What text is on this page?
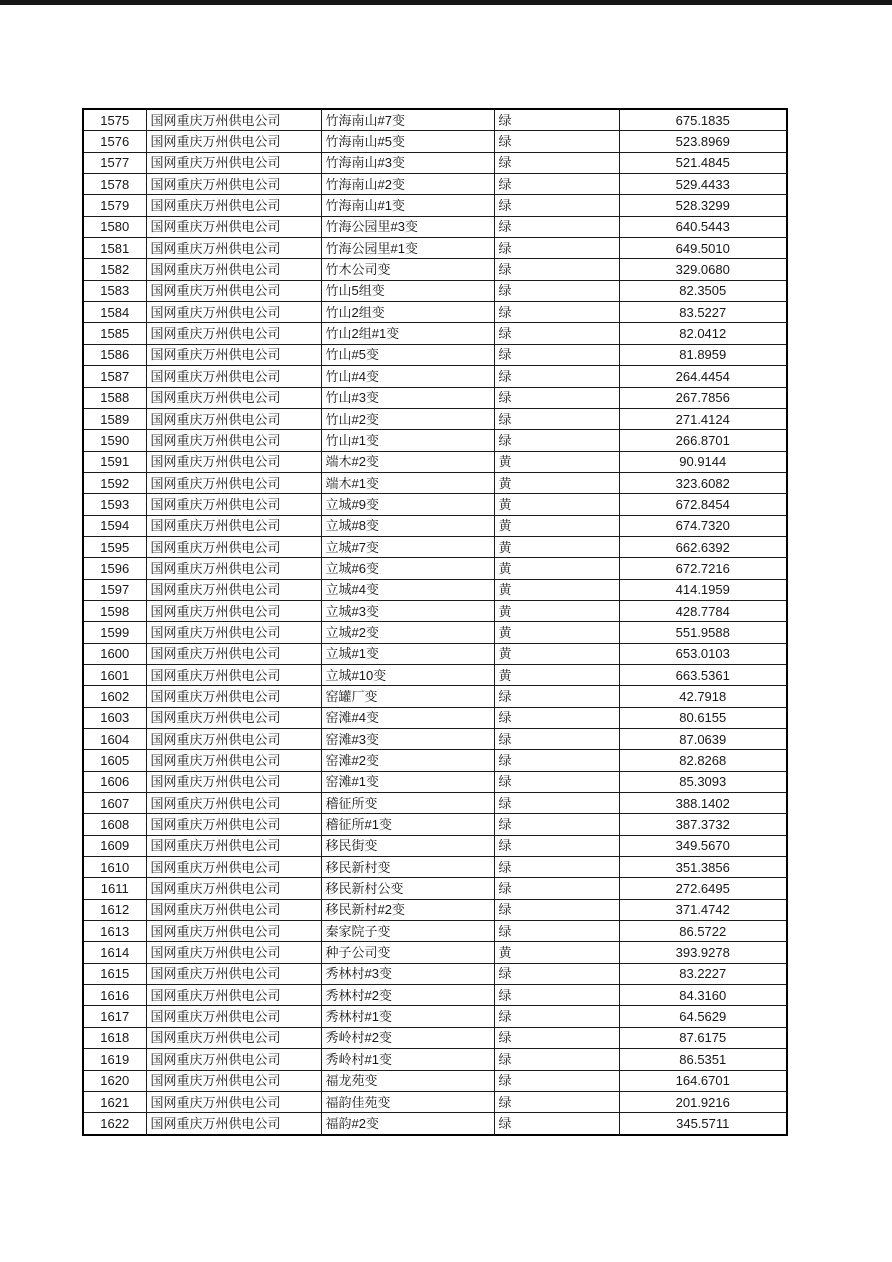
1575	国网重庆万州供电公司	竹海南山#7变	绿	675.1835
1576	国网重庆万州供电公司	竹海南山#5变	绿	523.8969
1577	国网重庆万州供电公司	竹海南山#3变	绿	521.4845
1578	国网重庆万州供电公司	竹海南山#2变	绿	529.4433
1579	国网重庆万州供电公司	竹海南山#1变	绿	528.3299
1580	国网重庆万州供电公司	竹海公园里#3变	绿	640.5443
1581	国网重庆万州供电公司	竹海公园里#1变	绿	649.5010
1582	国网重庆万州供电公司	竹木公司变	绿	329.0680
1583	国网重庆万州供电公司	竹山5组变	绿	82.3505
1584	国网重庆万州供电公司	竹山2组变	绿	83.5227
1585	国网重庆万州供电公司	竹山2组#1变	绿	82.0412
1586	国网重庆万州供电公司	竹山#5变	绿	81.8959
1587	国网重庆万州供电公司	竹山#4变	绿	264.4454
1588	国网重庆万州供电公司	竹山#3变	绿	267.7856
1589	国网重庆万州供电公司	竹山#2变	绿	271.4124
1590	国网重庆万州供电公司	竹山#1变	绿	266.8701
1591	国网重庆万州供电公司	端木#2变	黄	90.9144
1592	国网重庆万州供电公司	端木#1变	黄	323.6082
1593	国网重庆万州供电公司	立城#9变	黄	672.8454
1594	国网重庆万州供电公司	立城#8变	黄	674.7320
1595	国网重庆万州供电公司	立城#7变	黄	662.6392
1596	国网重庆万州供电公司	立城#6变	黄	672.7216
1597	国网重庆万州供电公司	立城#4变	黄	414.1959
1598	国网重庆万州供电公司	立城#3变	黄	428.7784
1599	国网重庆万州供电公司	立城#2变	黄	551.9588
1600	国网重庆万州供电公司	立城#1变	黄	653.0103
1601	国网重庆万州供电公司	立城#10变	黄	663.5361
1602	国网重庆万州供电公司	窑罐厂变	绿	42.7918
1603	国网重庆万州供电公司	窑滩#4变	绿	80.6155
1604	国网重庆万州供电公司	窑滩#3变	绿	87.0639
1605	国网重庆万州供电公司	窑滩#2变	绿	82.8268
1606	国网重庆万州供电公司	窑滩#1变	绿	85.3093
1607	国网重庆万州供电公司	稽征所变	绿	388.1402
1608	国网重庆万州供电公司	稽征所#1变	绿	387.3732
1609	国网重庆万州供电公司	移民街变	绿	349.5670
1610	国网重庆万州供电公司	移民新村变	绿	351.3856
1611	国网重庆万州供电公司	移民新村公变	绿	272.6495
1612	国网重庆万州供电公司	移民新村#2变	绿	371.4742
1613	国网重庆万州供电公司	秦家院子变	绿	86.5722
1614	国网重庆万州供电公司	种子公司变	黄	393.9278
1615	国网重庆万州供电公司	秀林村#3变	绿	83.2227
1616	国网重庆万州供电公司	秀林村#2变	绿	84.3160
1617	国网重庆万州供电公司	秀林村#1变	绿	64.5629
1618	国网重庆万州供电公司	秀岭村#2变	绿	87.6175
1619	国网重庆万州供电公司	秀岭村#1变	绿	86.5351
1620	国网重庆万州供电公司	福龙苑变	绿	164.6701
1621	国网重庆万州供电公司	福韵佳苑变	绿	201.9216
1622	国网重庆万州供电公司	福韵#2变	绿	345.5711
